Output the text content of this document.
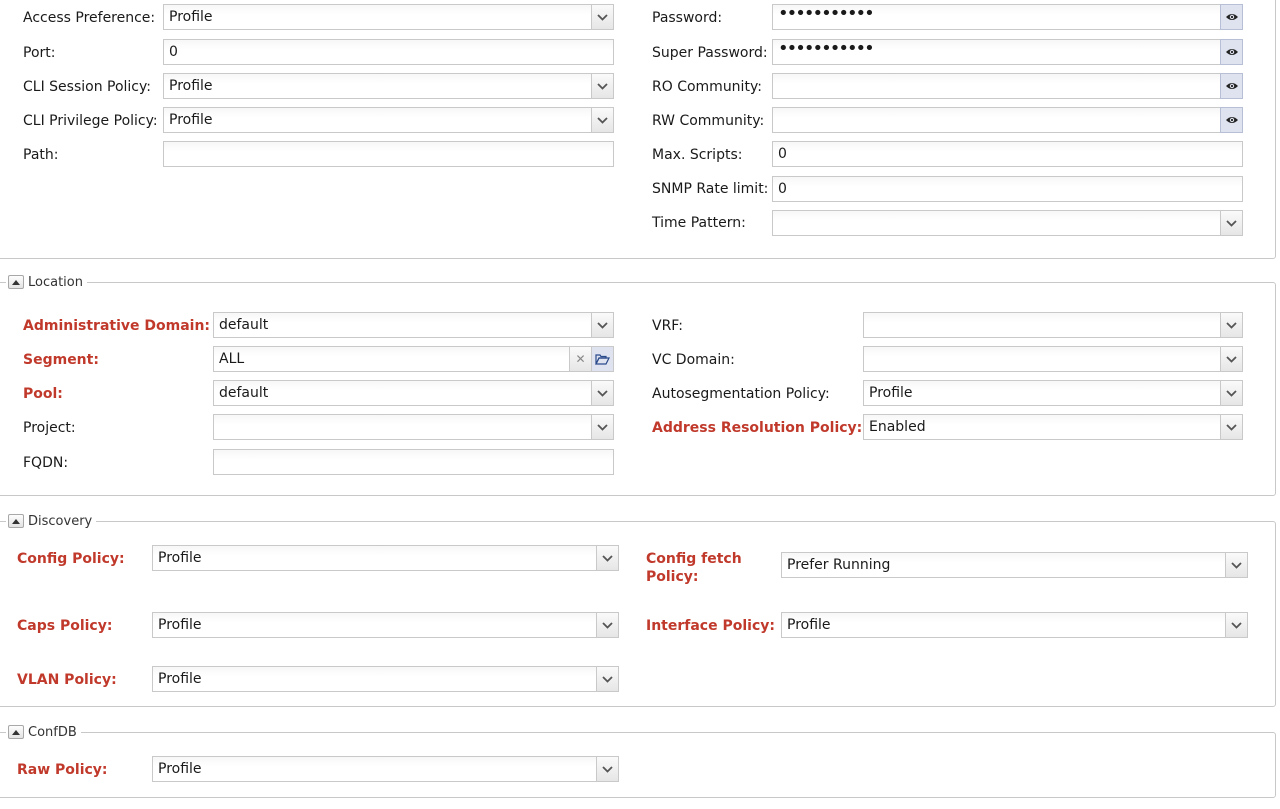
Access Preference: Profile
Port:	0
CLI Session Policy: Profile
CLI Privilege Policy: Profile
Path:
Password:	•••••••••••
Super Password: •••••••••••
RO Community:
RW Community:
Max. Scripts:	0
SNMP Rate limit: 0
Time Pattern:
Location
Administrative Domain: default
Segment:	ALL	✕
Pool:	default
Project:
FQDN:
VRF:
VC Domain:
Autosegmentation Policy:	Profile
Address Resolution Policy: Enabled
Discovery
Config Policy: Profile
Caps Policy:	Profile
VLAN Policy:	Profile
Config fetch
Policy:
Prefer Running
Interface Policy: Profile
ConfDB
Raw Policy:	Profile
